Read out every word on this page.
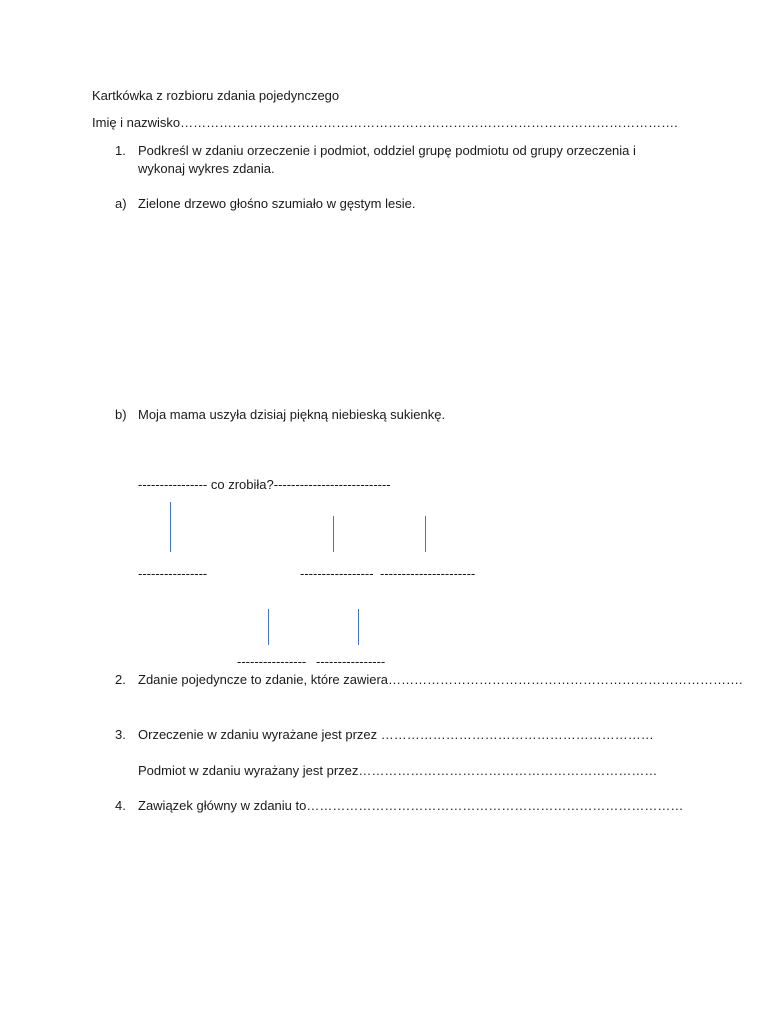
Kartkówka z rozbioru zdania pojedynczego
Imię i nazwisko…………………………………………………………………………………………………….
1. Podkreśl w zdaniu orzeczenie i podmiot, oddziel grupę podmiotu od grupy orzeczenia i
wykonaj wykres zdania.
a) Zielone drzewo głośno szumiało w gęstym lesie.
b) Moja mama uszyła dzisiaj piękną niebieską sukienkę.
---------------- co zrobiła?---------------------------
----------------	----------------- ----------------------
---------------- ----------------
2. Zdanie pojedyncze to zdanie, które zawiera……………………………………………………………………….
3. Orzeczenie w zdaniu wyrażane jest przez ………………………………………………………
Podmiot w zdaniu wyrażany jest przez……………………………………………………………
4. Zawiązek główny w zdaniu to……………………………………………………………………………
